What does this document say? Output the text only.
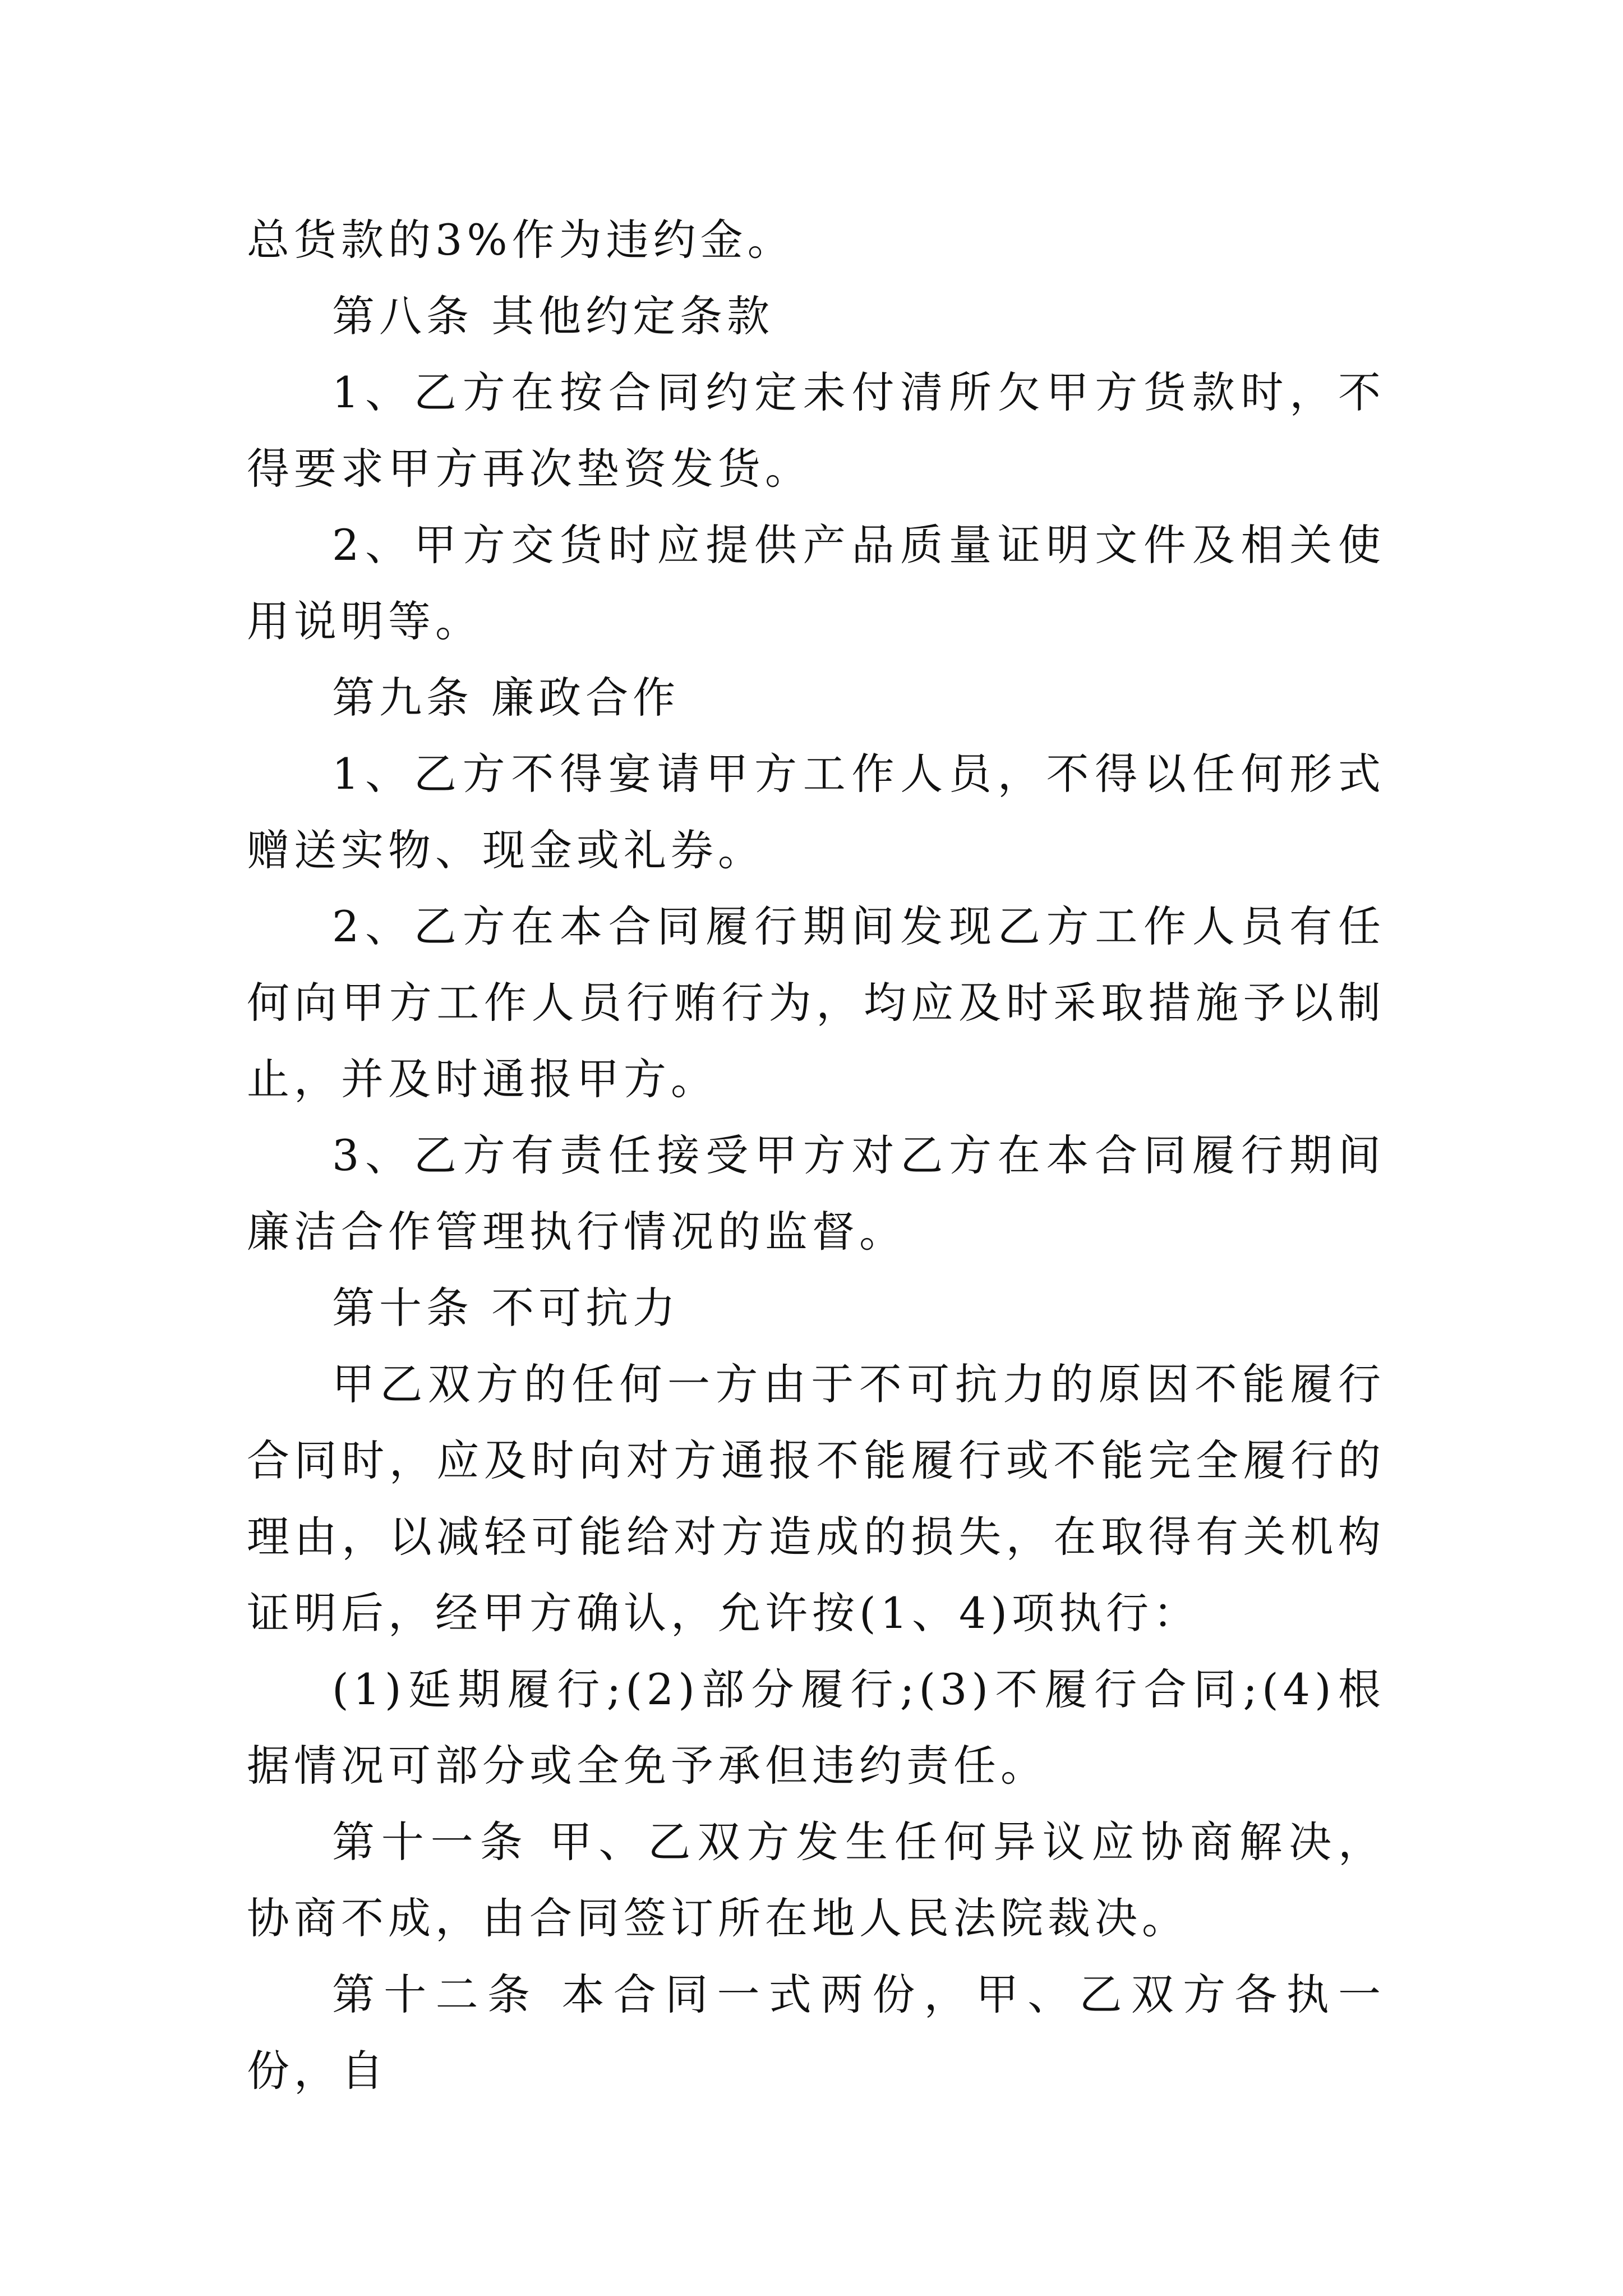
总货款的3%作为违约金。

第八条 其他约定条款

1、乙方在按合同约定未付清所欠甲方货款时，不得要求甲方再次垫资发货。

2、甲方交货时应提供产品质量证明文件及相关使用说明等。

第九条 廉政合作

1、乙方不得宴请甲方工作人员，不得以任何形式赠送实物、现金或礼券。

2、乙方在本合同履行期间发现乙方工作人员有任何向甲方工作人员行贿行为，均应及时采取措施予以制止，并及时通报甲方。

3、乙方有责任接受甲方对乙方在本合同履行期间廉洁合作管理执行情况的监督。

第十条 不可抗力

甲乙双方的任何一方由于不可抗力的原因不能履行合同时，应及时向对方通报不能履行或不能完全履行的理由，以减轻可能给对方造成的损失，在取得有关机构证明后，经甲方确认，允许按(1、4)项执行：

(1)延期履行;(2)部分履行;(3)不履行合同;(4)根据情况可部分或全免予承但违约责任。

第十一条 甲、乙双方发生任何异议应协商解决，协商不成，由合同签订所在地人民法院裁决。

第十二条 本合同一式两份，甲、乙双方各执一份，自
